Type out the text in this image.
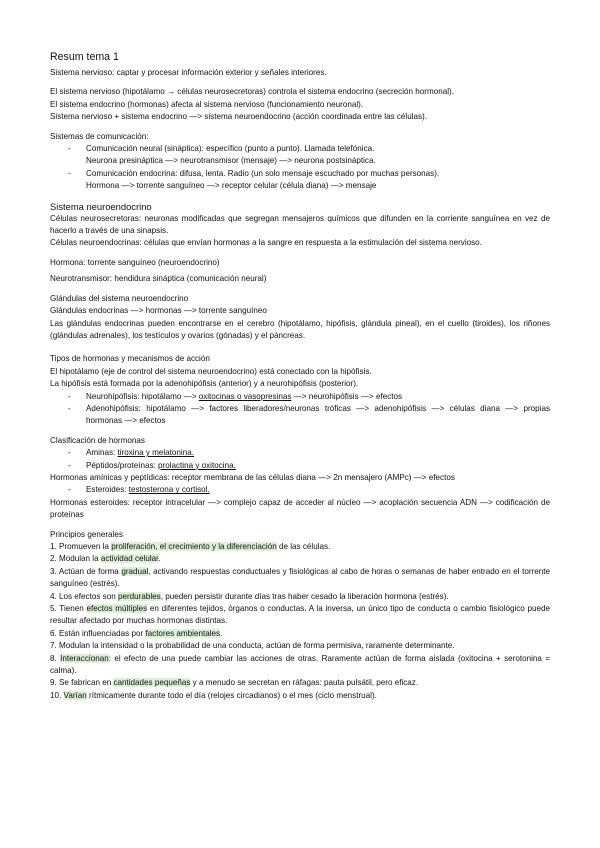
Resum tema 1

Sistema nervioso: captar y procesar información exterior y señales interiores.

El sistema nervioso (hipotálamo → células neurosecretoras) controla el sistema endocrino (secreción hormonal).

El sistema endocrino (hormonas) afecta al sistema nervioso (funcionamiento neuronal).

Sistema nervioso + sistema endocrino —> sistema neuroendocrino (acción coordinada entre las células).

Sistemas de comunicación:

- Comunicación neural (sináptica): específico (punto a punto). Llamada telefónica.

Neurona presináptica —> neurotransmisor (mensaje) —> neurona postsináptica.

- Comunicación endocrina: difusa, lenta. Radio (un solo mensaje escuchado por muchas personas).

Hormona —> torrente sanguíneo —> receptor celular (célula diana) —> mensaje

Sistema neuroendocrino

Células neurosecretoras: neuronas modificadas que segregan mensajeros químicos que difunden en la corriente sanguínea en vez de hacerlo a través de una sinapsis.

Células neuroendocrinas: células que envían hormonas a la sangre en respuesta a la estimulación del sistema nervioso.

Hormona: torrente sanguíneo (neuroendocrino)

Neurotransmisor: hendidura sináptica (comunicación neural)

Glándulas del sistema neuroendocrino

Glándulas endocrinas —> hormonas —> torrente sanguíneo

Las glándulas endocrinas pueden encontrarse en el cerebro (hipotálamo, hipófisis, glándula pineal), en el cuello (tiroides), los riñones (glándulas adrenales), los testículos y ovarios (gónadas) y el páncreas.

Tipos de hormonas y mecanismos de acción

El hipotálamo (eje de control del sistema neuroendocrino) está conectado con la hipófisis.

La hipófisis está formada por la adenohipófisis (anterior) y a neurohipófisis (posterior).

- Neurohipófisis: hipotálamo —> oxitocinas o vasopresinas —> neurohipófisis —> efectos

- Adenohipófisis: hipotálamo —> factores liberadores/neuronas tróficas —> adenohipófisis —> células diana —> propias hormonas —> efectos

Clasificación de hormonas

- Aminas: tiroxina y melatonina.

- Péptidos/proteínas: prolactina y oxitocina.

Hormonas amínicas y peptídicas: receptor membrana de las células diana —> 2n mensajero (AMPc) —> efectos

- Esteroides: testosterona y cortisol.

Hormonas esteroides: receptor intracelular —> complejo capaz de acceder al núcleo —> acoplación secuencia ADN —> codificación de proteínas

Principios generales

1. Promueven la proliferación, el crecimiento y la diferenciación de las células.

2. Modulan la actividad celular.

3. Actúan de forma gradual, activando respuestas conductuales y fisiológicas al cabo de horas o semanas de haber entrado en el torrente sanguíneo (estrés).

4. Los efectos son perdurables, pueden persistir durante días tras haber cesado la liberación hormona (estrés).

5. Tienen efectos múltiples en diferentes tejidos, órganos o conductas. A la inversa, un único tipo de conducta o cambio fisiológico puede resultar afectado por muchas hormonas distintas.

6. Están influenciadas por factores ambientales.

7. Modulan la intensidad o la probabilidad de una conducta, actúan de forma permisiva, raramente determinante.

8. Interaccionan: el efecto de una puede cambiar las acciones de otras. Raramente actúan de forma aislada (oxitocina + serotonina = calma).

9. Se fabrican en cantidades pequeñas y a menudo se secretan en ráfagas: pauta pulsátil, pero eficaz.

10. Varían rítmicamente durante todo el día (relojes circadianos) o el mes (ciclo menstrual).
